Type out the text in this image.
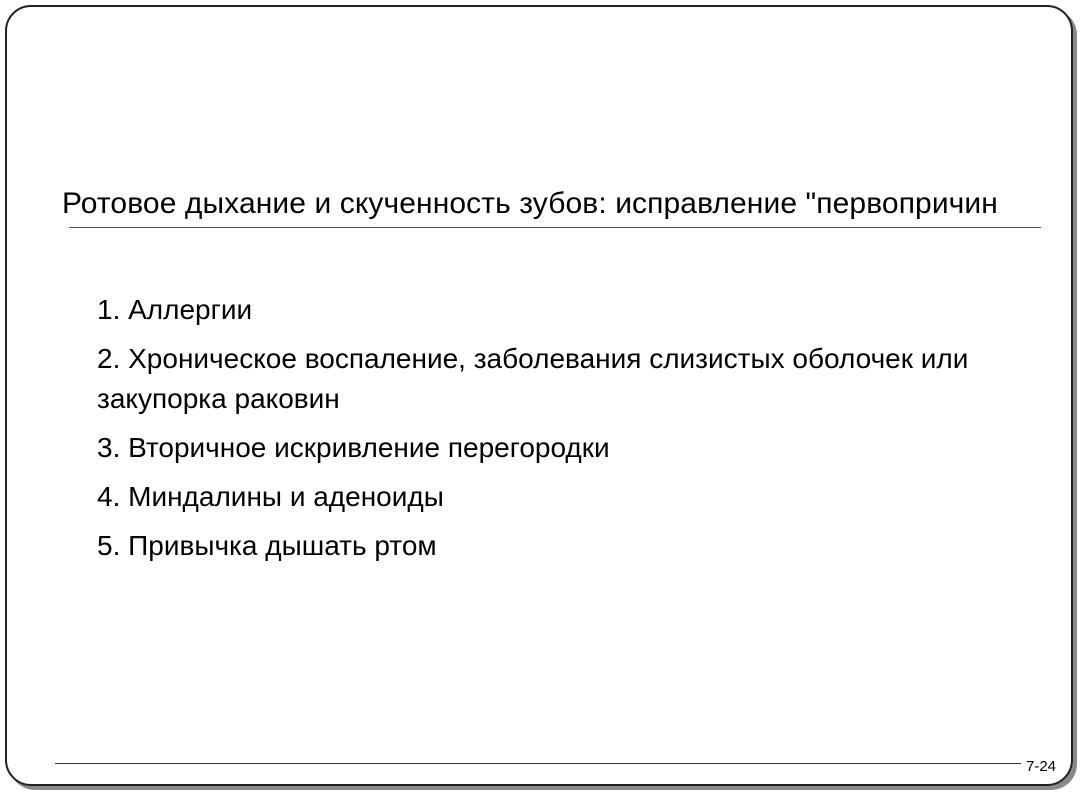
Ротовое дыхание и скученность зубов: исправление "первопричин
1. Аллергии
2. Хроническое воспаление, заболевания слизистых оболочек или закупорка раковин
3. Вторичное искривление перегородки
4. Миндалины и аденоиды
5. Привычка дышать ртом
7-24
